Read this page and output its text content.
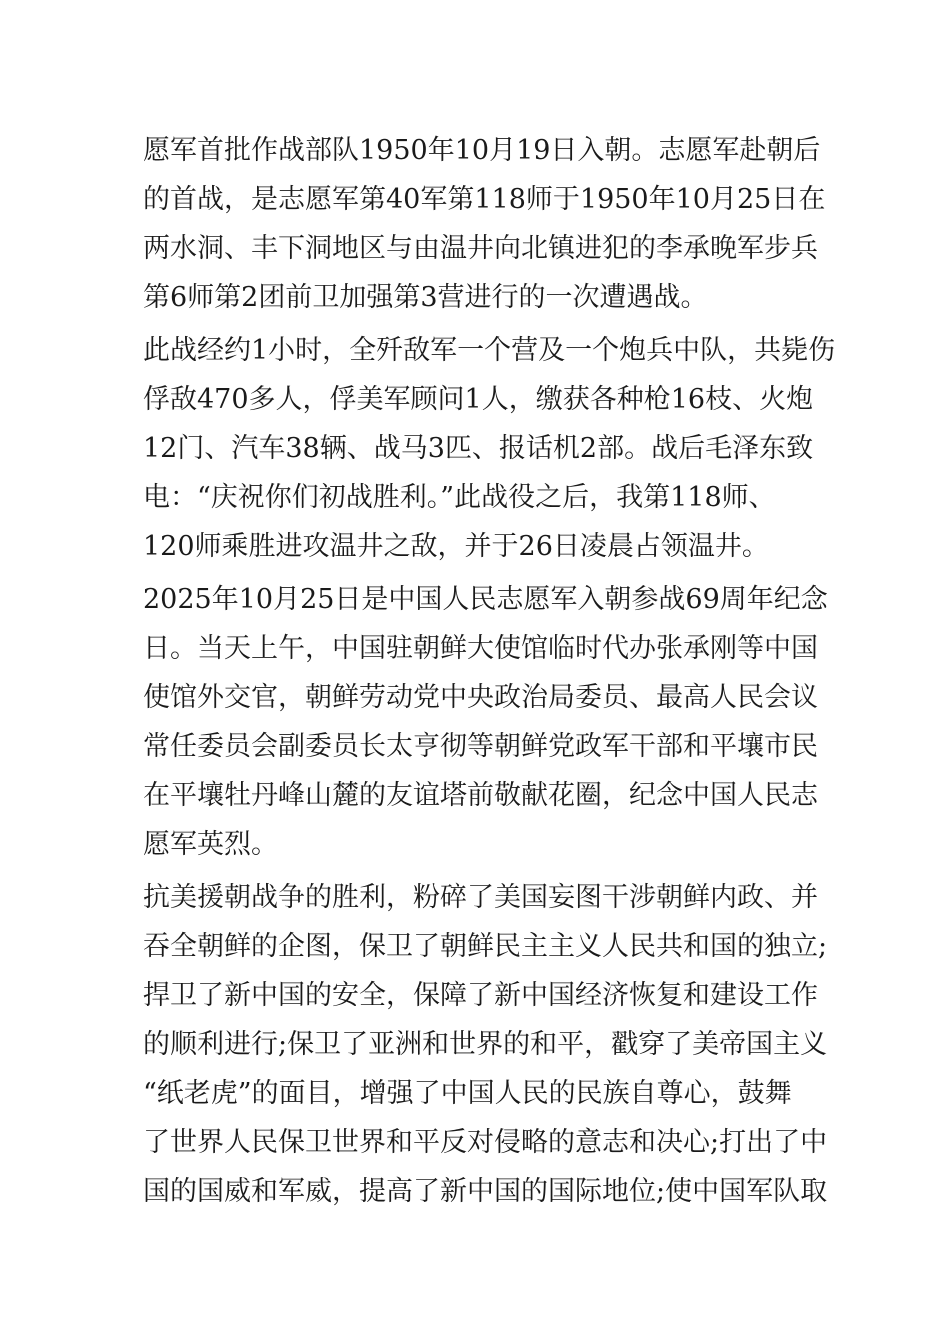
愿军首批作战部队1950年10月19日入朝。志愿军赴朝后
的首战，是志愿军第40军第118师于1950年10月25日在
两水洞、丰下洞地区与由温井向北镇进犯的李承晚军步兵
第6师第2团前卫加强第3营进行的一次遭遇战。
此战经约1小时，全歼敌军一个营及一个炮兵中队，共毙伤
俘敌470多人，俘美军顾问1人，缴获各种枪16枝、火炮
12门、汽车38辆、战马3匹、报话机2部。战后毛泽东致
电：“庆祝你们初战胜利。”此战役之后，我第118师、
120师乘胜进攻温井之敌，并于26日凌晨占领温井。
2025年10月25日是中国人民志愿军入朝参战69周年纪念
日。当天上午，中国驻朝鲜大使馆临时代办张承刚等中国
使馆外交官，朝鲜劳动党中央政治局委员、最高人民会议
常任委员会副委员长太亨彻等朝鲜党政军干部和平壤市民
在平壤牡丹峰山麓的友谊塔前敬献花圈，纪念中国人民志
愿军英烈。
抗美援朝战争的胜利，粉碎了美国妄图干涉朝鲜内政、并
吞全朝鲜的企图，保卫了朝鲜民主主义人民共和国的独立;
捍卫了新中国的安全，保障了新中国经济恢复和建设工作
的顺利进行;保卫了亚洲和世界的和平，戳穿了美帝国主义
“纸老虎”的面目，增强了中国人民的民族自尊心，鼓舞
了世界人民保卫世界和平反对侵略的意志和决心;打出了中
国的国威和军威，提高了新中国的国际地位;使中国军队取
